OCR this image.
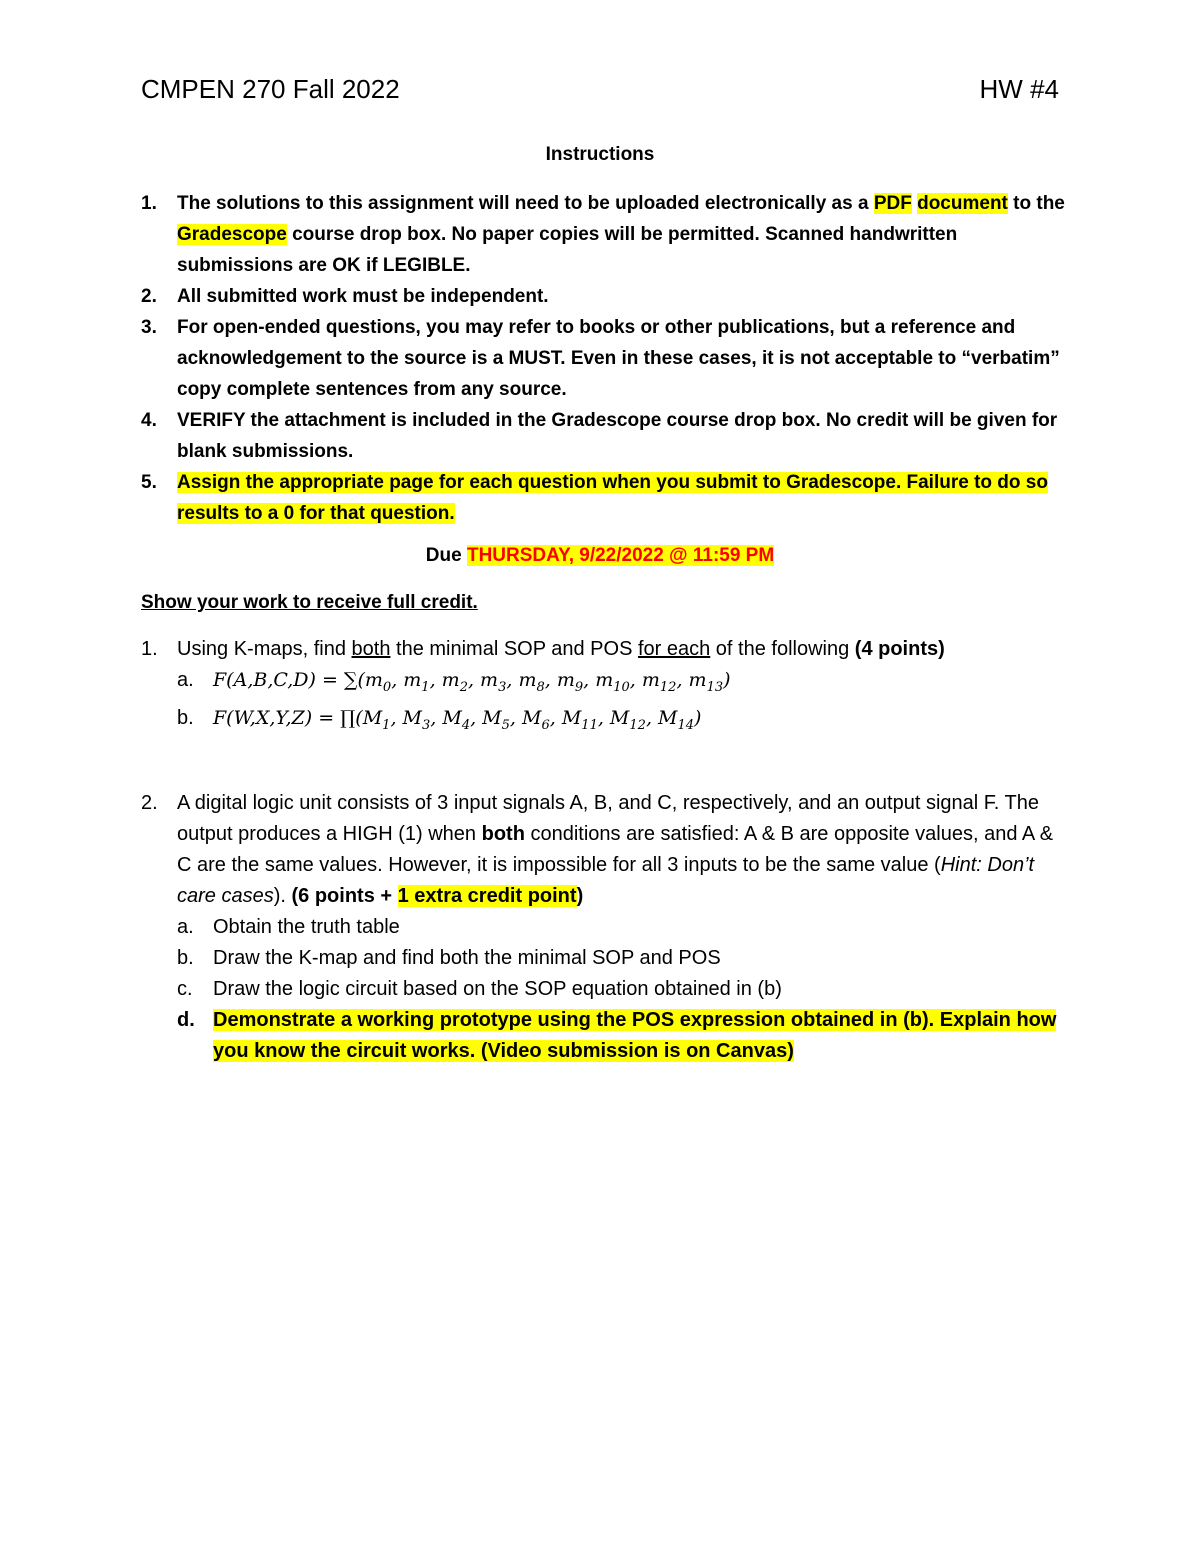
CMPEN 270 Fall 2022	HW #4
Instructions
1. The solutions to this assignment will need to be uploaded electronically as a PDF document to the Gradescope course drop box. No paper copies will be permitted. Scanned handwritten submissions are OK if LEGIBLE.
2. All submitted work must be independent.
3. For open-ended questions, you may refer to books or other publications, but a reference and acknowledgement to the source is a MUST. Even in these cases, it is not acceptable to “verbatim” copy complete sentences from any source.
4. VERIFY the attachment is included in the Gradescope course drop box. No credit will be given for blank submissions.
5. Assign the appropriate page for each question when you submit to Gradescope. Failure to do so results to a 0 for that question.
Due THURSDAY, 9/22/2022 @ 11:59 PM
Show your work to receive full credit.
1. Using K-maps, find both the minimal SOP and POS for each of the following (4 points)
a. $F(A,B,C,D) = \sum(m_0$, $m_1$, $m_2$, $m_3$, $m_8$, $m_9$, $m_{10}$, $m_{12}$, $m_{13}$)
b. $F(W,X,Y,Z) = \prod(M_1$, $M_3$, $M_4$, $M_5$, $M_6$, $M_{11}$, $M_{12}$, $M_{14}$)
2. A digital logic unit consists of 3 input signals A, B, and C, respectively, and an output signal F. The output produces a HIGH (1) when both conditions are satisfied: A & B are opposite values, and A & C are the same values. However, it is impossible for all 3 inputs to be the same value (Hint: Don’t care cases). (6 points + 1 extra credit point)
a. Obtain the truth table
b. Draw the K-map and find both the minimal SOP and POS
c. Draw the logic circuit based on the SOP equation obtained in (b)
d. Demonstrate a working prototype using the POS expression obtained in (b). Explain how you know the circuit works. (Video submission is on Canvas)
